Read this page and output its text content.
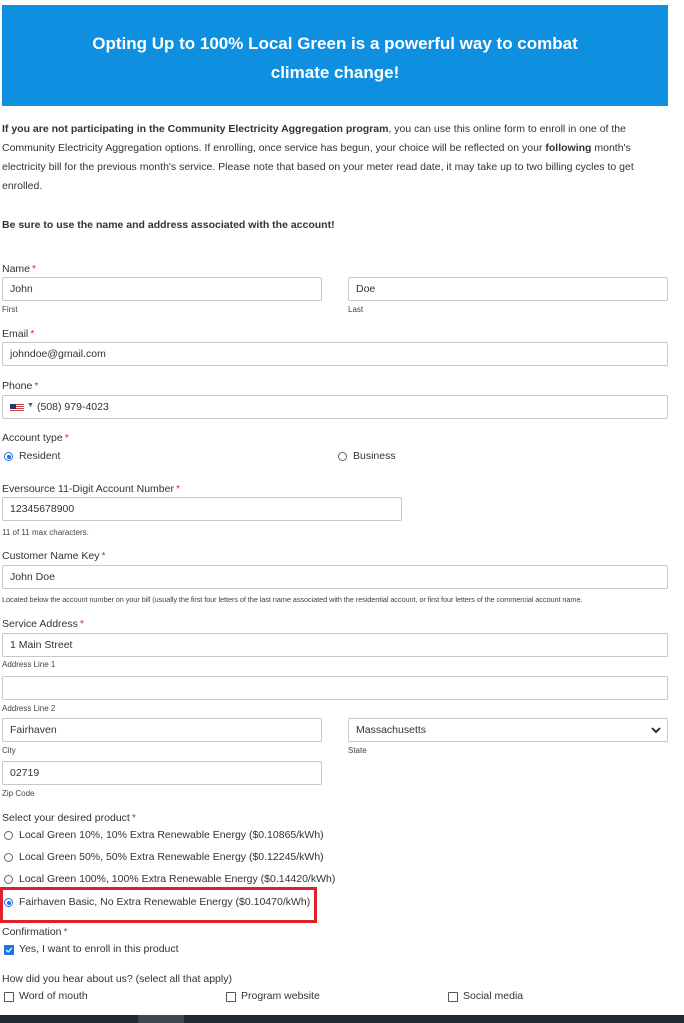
Opting Up to 100% Local Green is a powerful way to combat climate change!
If you are not participating in the Community Electricity Aggregation program, you can use this online form to enroll in one of the Community Electricity Aggregation options. If enrolling, once service has begun, your choice will be reflected on your following month's electricity bill for the previous month's service. Please note that based on your meter read date, it may take up to two billing cycles to get enrolled.
Be sure to use the name and address associated with the account!
Name *
John
First
Doe
Last
Email *
johndoe@gmail.com
Phone *
▼ (508) 979-4023
Account type *
Resident	Business
Eversource 11-Digit Account Number *
12345678900
11 of 11 max characters.
Customer Name Key *
John Doe
Located below the account number on your bill (usually the first four letters of the last name associated with the residential account, or first four letters of the commercial account name.
Service Address *
1 Main Street
Address Line 1
Address Line 2
Fairhaven
City
Massachusetts
State
02719
Zip Code
Select your desired product *
Local Green 10%, 10% Extra Renewable Energy ($0.10865/kWh)
Local Green 50%, 50% Extra Renewable Energy ($0.12245/kWh)
Local Green 100%, 100% Extra Renewable Energy ($0.14420/kWh)
Fairhaven Basic, No Extra Renewable Energy ($0.10470/kWh)
Confirmation *
Yes, I want to enroll in this product
How did you hear about us? (select all that apply)
Word of mouth	Program website	Social media
